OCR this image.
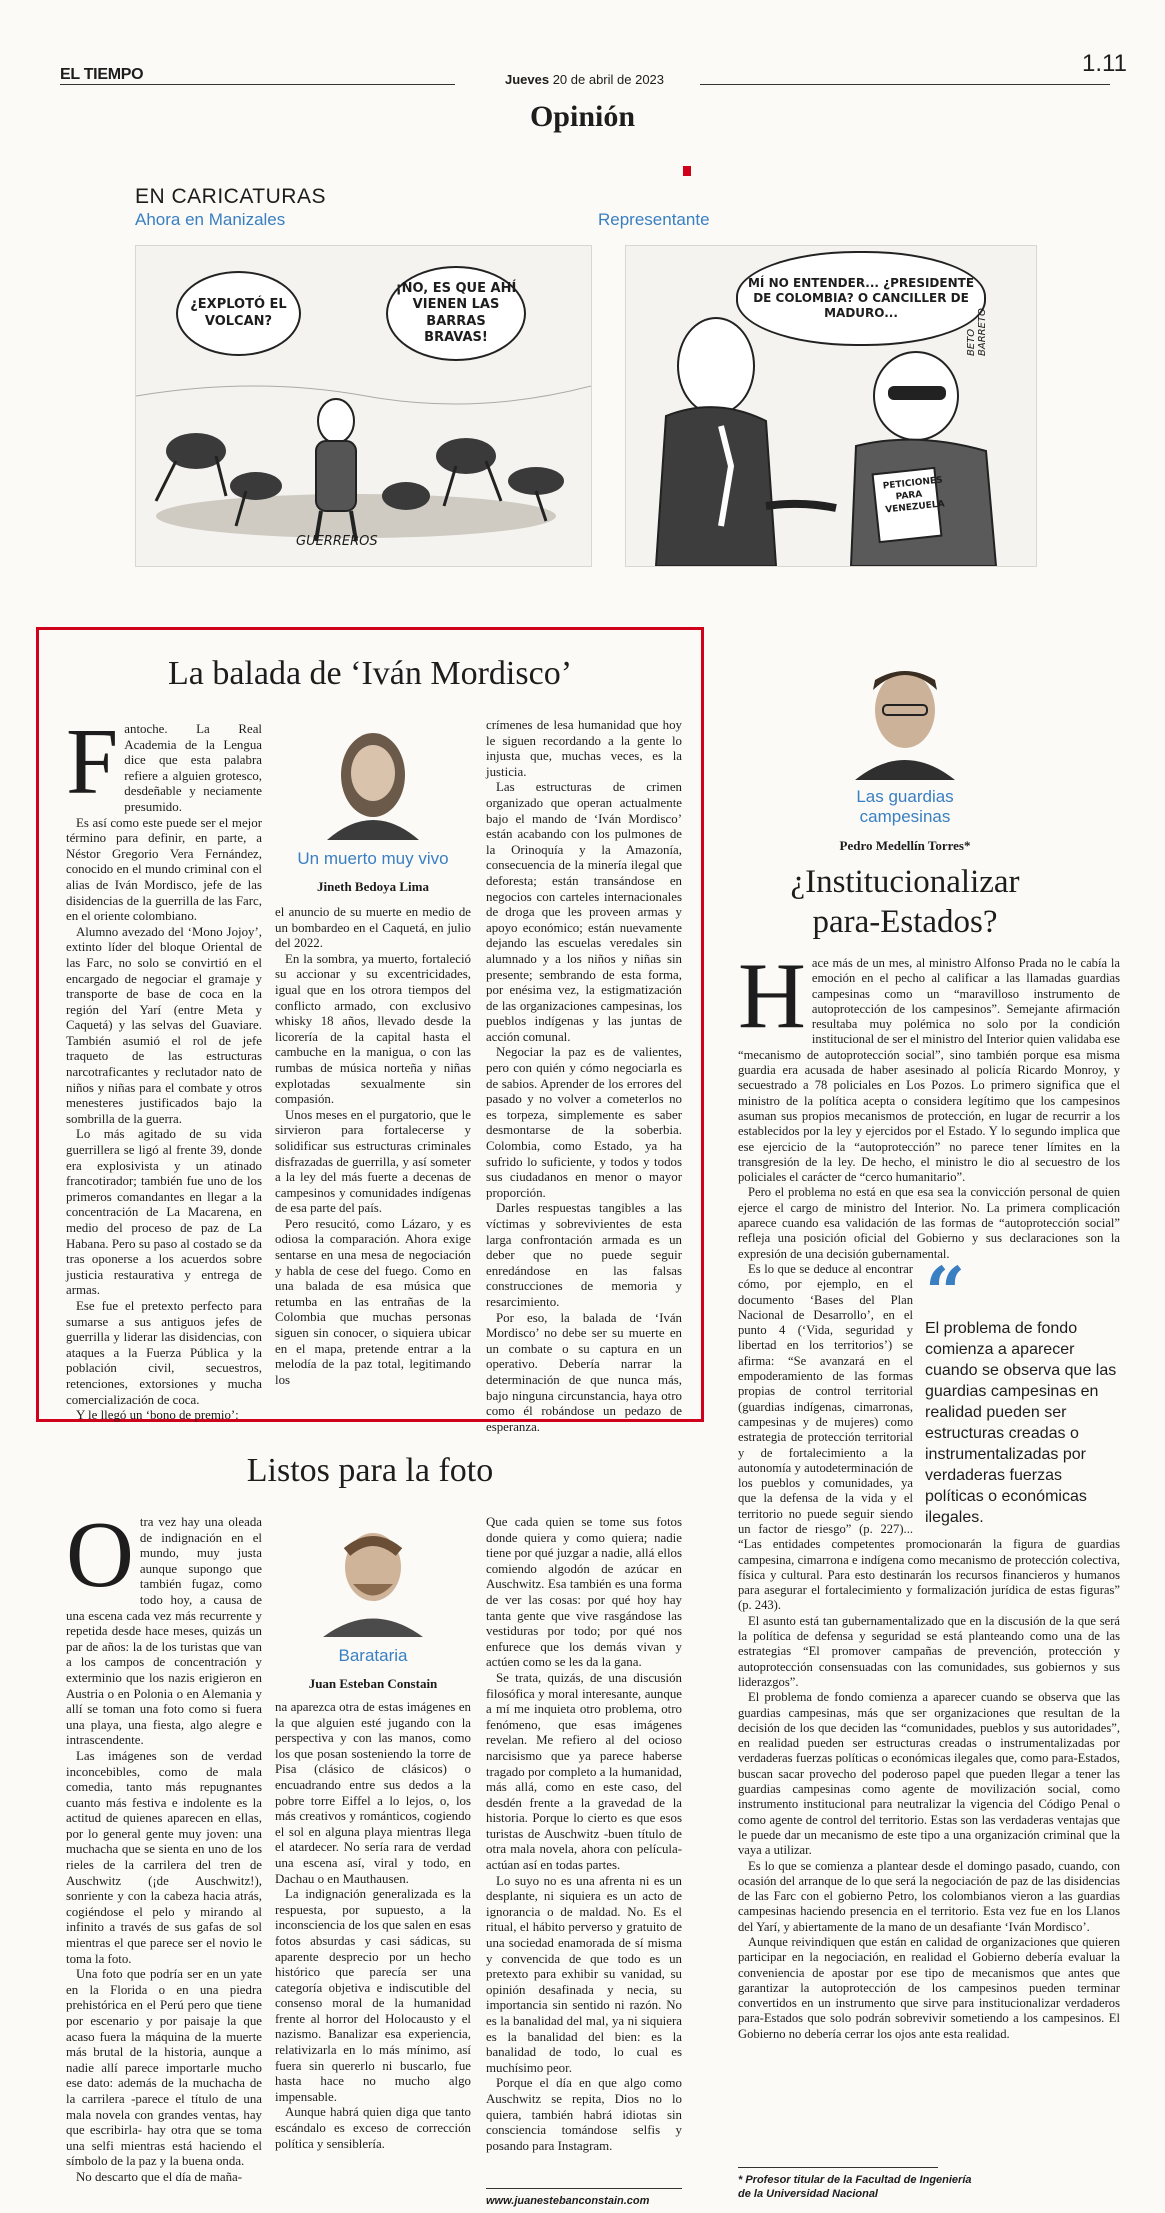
EL TIEMPO	Jueves 20 de abril de 2023
1.11
Opinión
EN CARICATURAS
Ahora en Manizales	Representante
¿EXPLOTÓ EL VOLCAN?
¡NO, ES QUE AHÍ VIENEN LAS BARRAS BRAVAS!
GUERREROS
MÍ NO ENTENDER... ¿PRESIDENTE DE COLOMBIA? O CANCILLER DE MADURO...
PETICIONES PARA VENEZUELA
BETO BARRETO
La balada de ‘Iván Mordisco’
F antoche. La Real Academia de la Lengua dice que esta palabra refiere a alguien grotesco, desdeñable y neciamente presumido.

Es así como este puede ser el mejor término para definir, en parte, a Néstor Gregorio Vera Fernández, conocido en el mundo criminal con el alias de Iván Mordisco, jefe de las disidencias de la guerrilla de las Farc, en el oriente colombiano.

Alumno avezado del ‘Mono Jojoy’, extinto líder del bloque Oriental de las Farc, no solo se convirtió en el encargado de negociar el gramaje y transporte de base de coca en la región del Yarí (entre Meta y Caquetá) y las selvas del Guaviare. También asumió el rol de jefe traqueto de las estructuras narcotraficantes y reclutador nato de niños y niñas para el combate y otros menesteres justificados bajo la sombrilla de la guerra.

Lo más agitado de su vida guerrillera se ligó al frente 39, donde era explosivista y un atinado francotirador; también fue uno de los primeros comandantes en llegar a la concentración de La Macarena, en medio del proceso de paz de La Habana. Pero su paso al costado se da tras oponerse a los acuerdos sobre justicia restaurativa y entrega de armas.

Ese fue el pretexto perfecto para sumarse a sus antiguos jefes de guerrilla y liderar las disidencias, con ataques a la Fuerza Pública y la población civil, secuestros, retenciones, extorsiones y mucha comercialización de coca.

Y le llegó un ‘bono de premio’:

Un muerto muy vivo
Jineth Bedoya Lima

el anuncio de su muerte en medio de un bombardeo en el Caquetá, en julio del 2022.

En la sombra, ya muerto, fortaleció su accionar y su excentricidades, igual que en los otrora tiempos del conflicto armado, con exclusivo whisky 18 años, llevado desde la licorería de la capital hasta el cambuche en la manigua, o con las rumbas de música norteña y niñas explotadas sexualmente sin compasión.

Unos meses en el purgatorio, que le sirvieron para fortalecerse y solidificar sus estructuras criminales disfrazadas de guerrilla, y así someter a la ley del más fuerte a decenas de campesinos y comunidades indígenas de esa parte del país.

Pero resucitó, como Lázaro, y es odiosa la comparación. Ahora exige sentarse en una mesa de negociación y habla de cese del fuego. Como en una balada de esa música que retumba en las entrañas de la Colombia que muchas personas siguen sin conocer, o siquiera ubicar en el mapa, pretende entrar a la melodía de la paz total, legitimando los

crímenes de lesa humanidad que hoy le siguen recordando a la gente lo injusta que, muchas veces, es la justicia.

Las estructuras de crimen organizado que operan actualmente bajo el mando de ‘Iván Mordisco’ están acabando con los pulmones de la Orinoquía y la Amazonía, consecuencia de la minería ilegal que deforesta; están transándose en negocios con carteles internacionales de droga que les proveen armas y apoyo económico; están nuevamente dejando las escuelas veredales sin alumnado y a los niños y niñas sin presente; sembrando de esta forma, por enésima vez, la estigmatización de las organizaciones campesinas, los pueblos indígenas y las juntas de acción comunal.

Negociar la paz es de valientes, pero con quién y cómo negociarla es de sabios. Aprender de los errores del pasado y no volver a cometerlos no es torpeza, simplemente es saber desmontarse de la soberbia. Colombia, como Estado, ya ha sufrido lo suficiente, y todos y todos sus ciudadanos en menor o mayor proporción.

Darles respuestas tangibles a las víctimas y sobrevivientes de esta larga confrontación armada es un deber que no puede seguir enredándose en las falsas construcciones de memoria y resarcimiento.

Por eso, la balada de ‘Iván Mordisco’ no debe ser su muerte en un combate o su captura en un operativo. Debería narrar la determinación de que nunca más, bajo ninguna circunstancia, haya otro como él robándose un pedazo de esperanza.

Listos para la foto
O tra vez hay una oleada de indignación en el mundo, muy justa aunque supongo que también fugaz, como todo hoy, a causa de una escena cada vez más recurrente y repetida desde hace meses, quizás un par de años: la de los turistas que van a los campos de concentración y exterminio que los nazis erigieron en Austria o en Polonia o en Alemania y allí se toman una foto como si fuera una playa, una fiesta, algo alegre e intrascendente.

Las imágenes son de verdad inconcebibles, como de mala comedia, tanto más repugnantes cuanto más festiva e indolente es la actitud de quienes aparecen en ellas, por lo general gente muy joven: una muchacha que se sienta en uno de los rieles de la carrilera del tren de Auschwitz (¡de Auschwitz!), sonriente y con la cabeza hacia atrás, cogiéndose el pelo y mirando al infinito a través de sus gafas de sol mientras el que parece ser el novio le toma la foto.

Una foto que podría ser en un yate en la Florida o en una piedra prehistórica en el Perú pero que tiene por escenario y por paisaje la que acaso fuera la máquina de la muerte más brutal de la historia, aunque a nadie allí parece importarle mucho ese dato: además de la muchacha de la carrilera -parece el título de una mala novela con grandes ventas, hay que escribirla- hay otra que se toma una selfi mientras está haciendo el símbolo de la paz y la buena onda.

No descarto que el día de maña-

Barataria
Juan Esteban Constain

na aparezca otra de estas imágenes en la que alguien esté jugando con la perspectiva y con las manos, como los que posan sosteniendo la torre de Pisa (clásico de clásicos) o encuadrando entre sus dedos a la pobre torre Eiffel a lo lejos, o, los más creativos y románticos, cogiendo el sol en alguna playa mientras llega el atardecer. No sería rara de verdad una escena así, viral y todo, en Dachau o en Mauthausen.

La indignación generalizada es la respuesta, por supuesto, a la inconsciencia de los que salen en esas fotos absurdas y casi sádicas, su aparente desprecio por un hecho histórico que parecía ser una categoría objetiva e indiscutible del consenso moral de la humanidad frente al horror del Holocausto y el nazismo. Banalizar esa experiencia, relativizarla en lo más mínimo, así fuera sin quererlo ni buscarlo, fue hasta hace no mucho algo impensable.

Aunque habrá quien diga que tanto escándalo es exceso de corrección política y sensiblería.

Que cada quien se tome sus fotos donde quiera y como quiera; nadie tiene por qué juzgar a nadie, allá ellos comiendo algodón de azúcar en Auschwitz. Esa también es una forma de ver las cosas: por qué hoy hay tanta gente que vive rasgándose las vestiduras por todo; por qué nos enfurece que los demás vivan y actúen como se les da la gana.

Se trata, quizás, de una discusión filosófica y moral interesante, aunque a mí me inquieta otro problema, otro fenómeno, que esas imágenes revelan. Me refiero al del ocioso narcisismo que ya parece haberse tragado por completo a la humanidad, más allá, como en este caso, del desdén frente a la gravedad de la historia. Porque lo cierto es que esos turistas de Auschwitz -buen título de otra mala novela, ahora con película- actúan así en todas partes.

Lo suyo no es una afrenta ni es un desplante, ni siquiera es un acto de ignorancia o de maldad. No. Es el ritual, el hábito perverso y gratuito de una sociedad enamorada de sí misma y convencida de que todo es un pretexto para exhibir su vanidad, su opinión desafinada y necia, su importancia sin sentido ni razón. No es la banalidad del mal, ya ni siquiera es la banalidad del bien: es la banalidad de todo, lo cual es muchísimo peor.

Porque el día en que algo como Auschwitz se repita, Dios no lo quiera, también habrá idiotas sin consciencia tomándose selfis y posando para Instagram.

www.juanestebanconstain.com
Las guardias campesinas
Pedro Medellín Torres*
¿Institucionalizar para-Estados?
H ace más de un mes, al ministro Alfonso Prada no le cabía la emoción en el pecho al calificar a las llamadas guardias campesinas como un “maravilloso instrumento de autoprotección de los campesinos”. Semejante afirmación resultaba muy polémica no solo por la condición institucional de ser el ministro del Interior quien validaba ese “mecanismo de autoprotección social”, sino también porque esa misma guardia era acusada de haber asesinado al policía Ricardo Monroy, y secuestrado a 78 policiales en Los Pozos. Lo primero significa que el ministro de la política acepta o considera legítimo que los campesinos asuman sus propios mecanismos de protección, en lugar de recurrir a los establecidos por la ley y ejercidos por el Estado. Y lo segundo implica que ese ejercicio de la “autoprotección” no parece tener límites en la transgresión de la ley. De hecho, el ministro le dio al secuestro de los policiales el carácter de “cerco humanitario”.

Pero el problema no está en que esa sea la convicción personal de quien ejerce el cargo de ministro del Interior. No. La primera complicación aparece cuando esa validación de las formas de “autoprotección social” refleja una posición oficial del Gobierno y sus declaraciones son la expresión de una decisión gubernamental.

“
El problema de fondo comienza a aparecer cuando se observa que las guardias campesinas en realidad pueden ser estructuras creadas o instrumentalizadas por verdaderas fuerzas políticas o económicas ilegales.

Es lo que se deduce al encontrar cómo, por ejemplo, en el documento ‘Bases del Plan Nacional de Desarrollo’, en el punto 4 (‘Vida, seguridad y libertad en los territorios’) se afirma: “Se avanzará en el empoderamiento de las formas propias de control territorial (guardias indígenas, cimarronas, campesinas y de mujeres) como estrategia de protección territorial y de fortalecimiento a la autonomía y autodeterminación de los pueblos y comunidades, ya que la defensa de la vida y el territorio no puede seguir siendo un factor de riesgo” (p. 227)... “Las entidades competentes promocionarán la figura de guardias campesina, cimarrona e indígena como mecanismo de protección colectiva, física y cultural. Para esto destinarán los recursos financieros y humanos para asegurar el fortalecimiento y formalización jurídica de estas figuras” (p. 243).

El asunto está tan gubernamentalizado que en la discusión de la que será la política de defensa y seguridad se está planteando como una de las estrategias “El promover campañas de prevención, protección y autoprotección consensuadas con las comunidades, sus gobiernos y sus liderazgos”.

El problema de fondo comienza a aparecer cuando se observa que las guardias campesinas, más que ser organizaciones que resultan de la decisión de los que deciden las “comunidades, pueblos y sus autoridades”, en realidad pueden ser estructuras creadas o instrumentalizadas por verdaderas fuerzas políticas o económicas ilegales que, como para-Estados, buscan sacar provecho del poderoso papel que pueden llegar a tener las guardias campesinas como agente de movilización social, como instrumento institucional para neutralizar la vigencia del Código Penal o como agente de control del territorio. Estas son las verdaderas ventajas que le puede dar un mecanismo de este tipo a una organización criminal que la vaya a utilizar.

Es lo que se comienza a plantear desde el domingo pasado, cuando, con ocasión del arranque de lo que será la negociación de paz de las disidencias de las Farc con el gobierno Petro, los colombianos vieron a las guardias campesinas haciendo presencia en el territorio. Esta vez fue en los Llanos del Yarí, y abiertamente de la mano de un desafiante ‘Iván Mordisco’.

Aunque reivindiquen que están en calidad de organizaciones que quieren participar en la negociación, en realidad el Gobierno debería evaluar la conveniencia de apostar por ese tipo de mecanismos que antes que garantizar la autoprotección de los campesinos pueden terminar convertidos en un instrumento que sirve para institucionalizar verdaderos para-Estados que solo podrán sobrevivir sometiendo a los campesinos. El Gobierno no debería cerrar los ojos ante esta realidad.

* Profesor titular de la Facultad de Ingeniería de la Universidad Nacional
